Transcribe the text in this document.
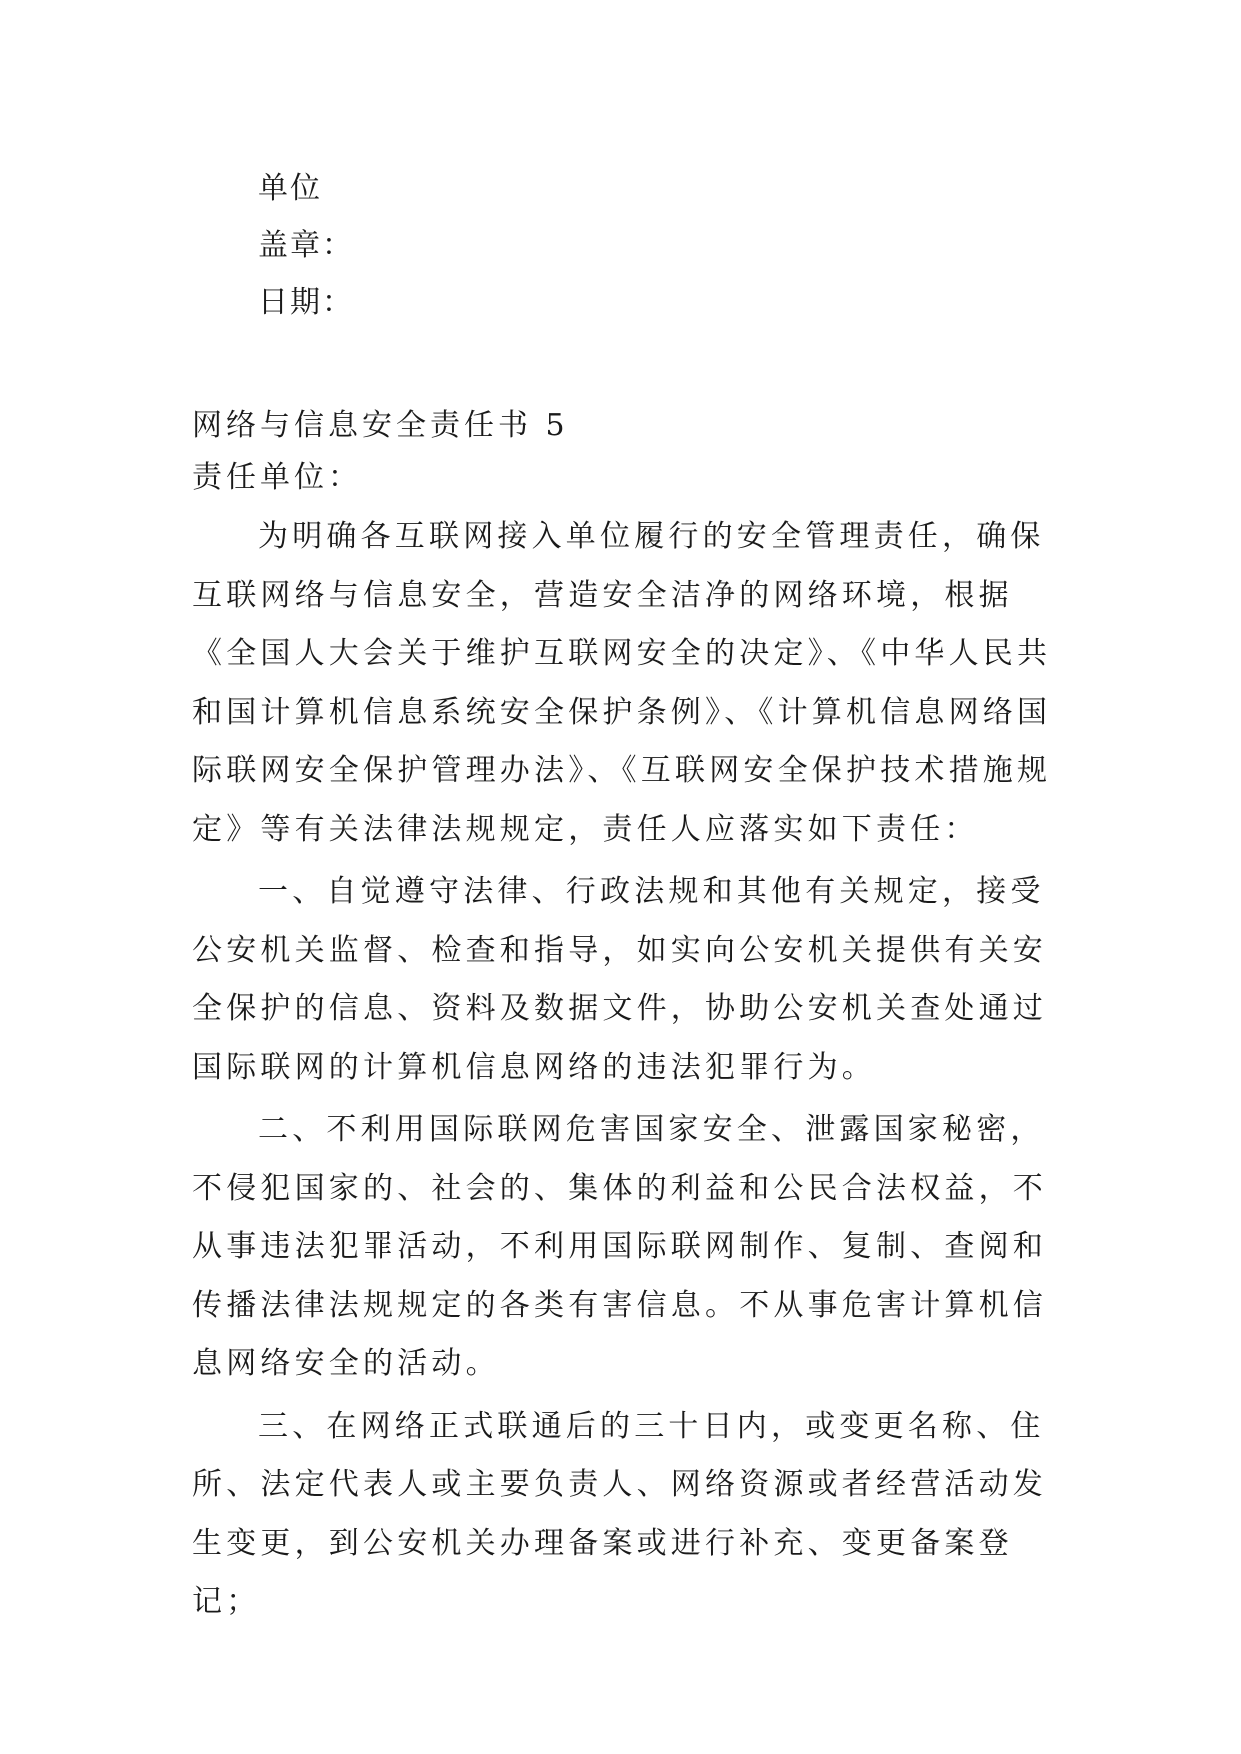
单位
盖章：
日期：
网络与信息安全责任书 5
责任单位：

为明确各互联网接入单位履行的安全管理责任，确保互联网络与信息安全，营造安全洁净的网络环境，根据《全国人大会关于维护互联网安全的决定》、《中华人民共和国计算机信息系统安全保护条例》、《计算机信息网络国际联网安全保护管理办法》、《互联网安全保护技术措施规定》等有关法律法规规定，责任人应落实如下责任：

一、自觉遵守法律、行政法规和其他有关规定，接受公安机关监督、检查和指导，如实向公安机关提供有关安全保护的信息、资料及数据文件，协助公安机关查处通过国际联网的计算机信息网络的违法犯罪行为。

二、不利用国际联网危害国家安全、泄露国家秘密，不侵犯国家的、社会的、集体的利益和公民合法权益，不从事违法犯罪活动，不利用国际联网制作、复制、查阅和传播法律法规规定的各类有害信息。不从事危害计算机信息网络安全的活动。

三、在网络正式联通后的三十日内，或变更名称、住所、法定代表人或主要负责人、网络资源或者经营活动发生变更，到公安机关办理备案或进行补充、变更备案登记；
